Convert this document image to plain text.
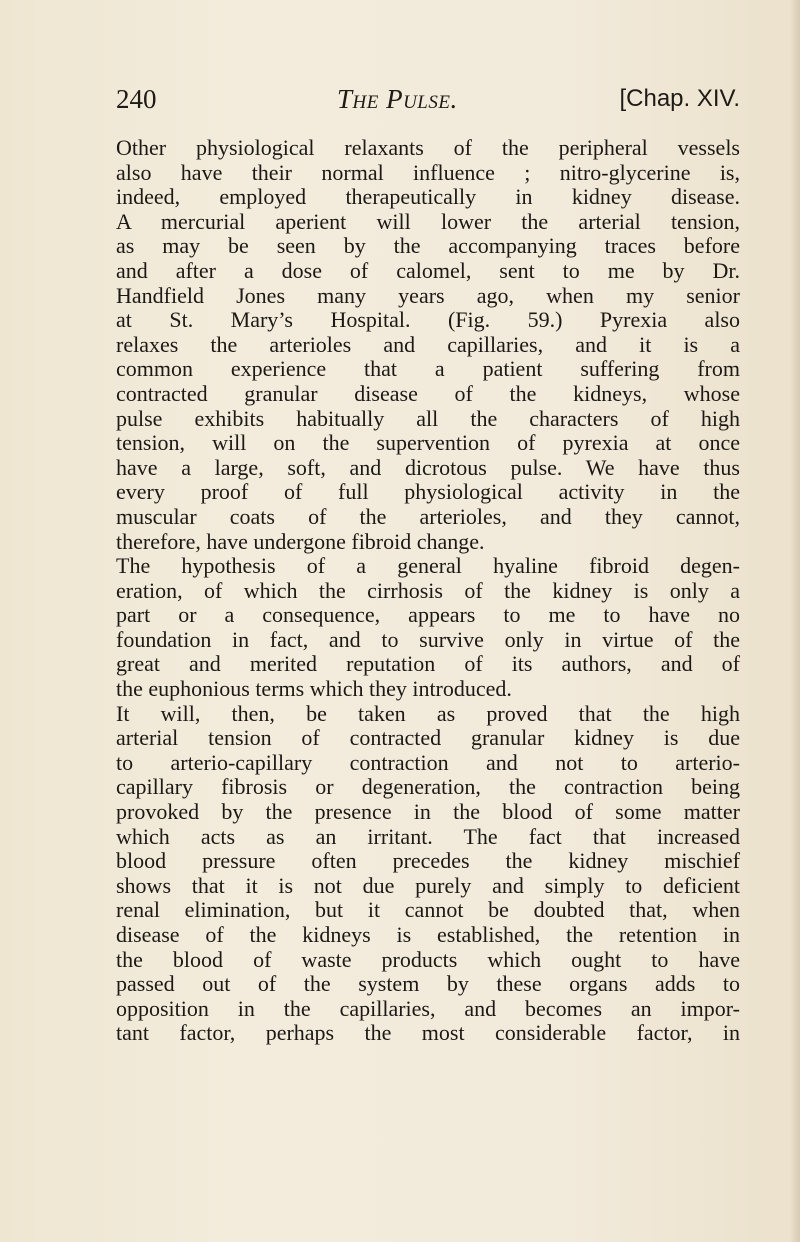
240	The Pulse.	[Chap. XIV.
Other physiological relaxants of the peripheral vessels
also have their normal influence ; nitro-glycerine is,
indeed, employed therapeutically in kidney disease.
A mercurial aperient will lower the arterial tension,
as may be seen by the accompanying traces before
and after a dose of calomel, sent to me by Dr.
Handfield Jones many years ago, when my senior
at St. Mary’s Hospital. (Fig. 59.) Pyrexia also
relaxes the arterioles and capillaries, and it is a
common experience that a patient suffering from
contracted granular disease of the kidneys, whose
pulse exhibits habitually all the characters of high
tension, will on the supervention of pyrexia at once
have a large, soft, and dicrotous pulse. We have thus
every proof of full physiological activity in the
muscular coats of the arterioles, and they cannot,
therefore, have undergone fibroid change.
The hypothesis of a general hyaline fibroid degen-
eration, of which the cirrhosis of the kidney is only a
part or a consequence, appears to me to have no
foundation in fact, and to survive only in virtue of the
great and merited reputation of its authors, and of
the euphonious terms which they introduced.
It will, then, be taken as proved that the high
arterial tension of contracted granular kidney is due
to arterio-capillary contraction and not to arterio-
capillary fibrosis or degeneration, the contraction being
provoked by the presence in the blood of some matter
which acts as an irritant. The fact that increased
blood pressure often precedes the kidney mischief
shows that it is not due purely and simply to deficient
renal elimination, but it cannot be doubted that, when
disease of the kidneys is established, the retention in
the blood of waste products which ought to have
passed out of the system by these organs adds to
opposition in the capillaries, and becomes an impor-
tant factor, perhaps the most considerable factor, in
